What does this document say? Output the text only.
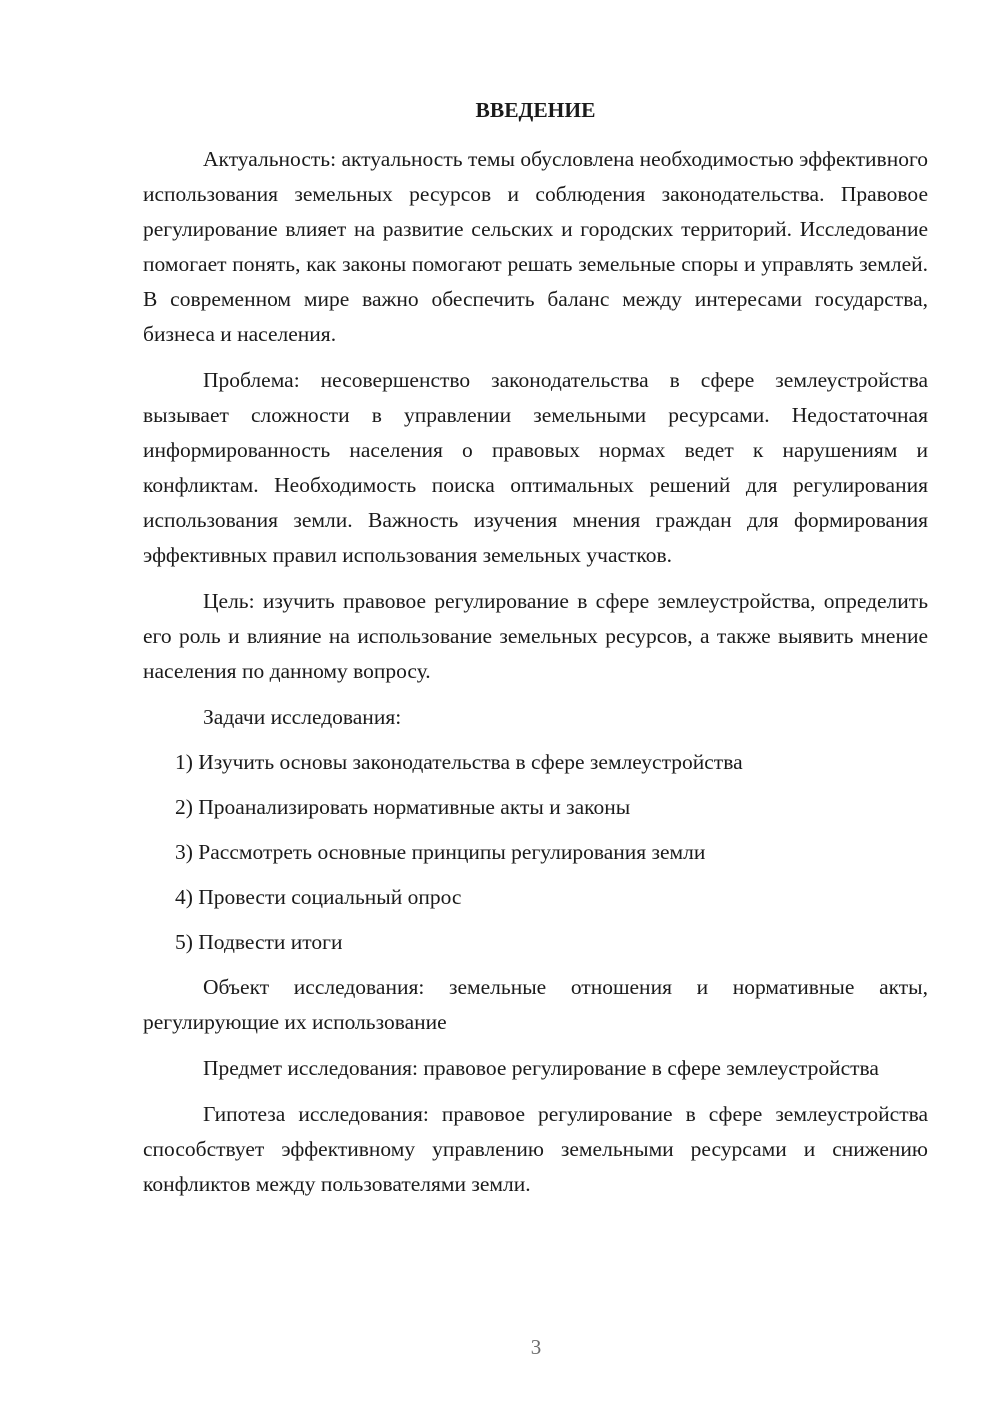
ВВЕДЕНИЕ

Актуальность: актуальность темы обусловлена необходимостью эффективного использования земельных ресурсов и соблюдения законодательства. Правовое регулирование влияет на развитие сельских и городских территорий. Исследование помогает понять, как законы помогают решать земельные споры и управлять землей. В современном мире важно обеспечить баланс между интересами государства, бизнеса и населения.

Проблема: несовершенство законодательства в сфере землеустройства вызывает сложности в управлении земельными ресурсами. Недостаточная информированность населения о правовых нормах ведет к нарушениям и конфликтам. Необходимость поиска оптимальных решений для регулирования использования земли. Важность изучения мнения граждан для формирования эффективных правил использования земельных участков.

Цель: изучить правовое регулирование в сфере землеустройства, определить его роль и влияние на использование земельных ресурсов, а также выявить мнение населения по данному вопросу.

Задачи исследования:

1) Изучить основы законодательства в сфере землеустройства
2) Проанализировать нормативные акты и законы
3) Рассмотреть основные принципы регулирования земли
4) Провести социальный опрос
5) Подвести итоги

Объект исследования: земельные отношения и нормативные акты, регулирующие их использование

Предмет исследования: правовое регулирование в сфере землеустройства

Гипотеза исследования: правовое регулирование в сфере землеустройства способствует эффективному управлению земельными ресурсами и снижению конфликтов между пользователями земли.

3
